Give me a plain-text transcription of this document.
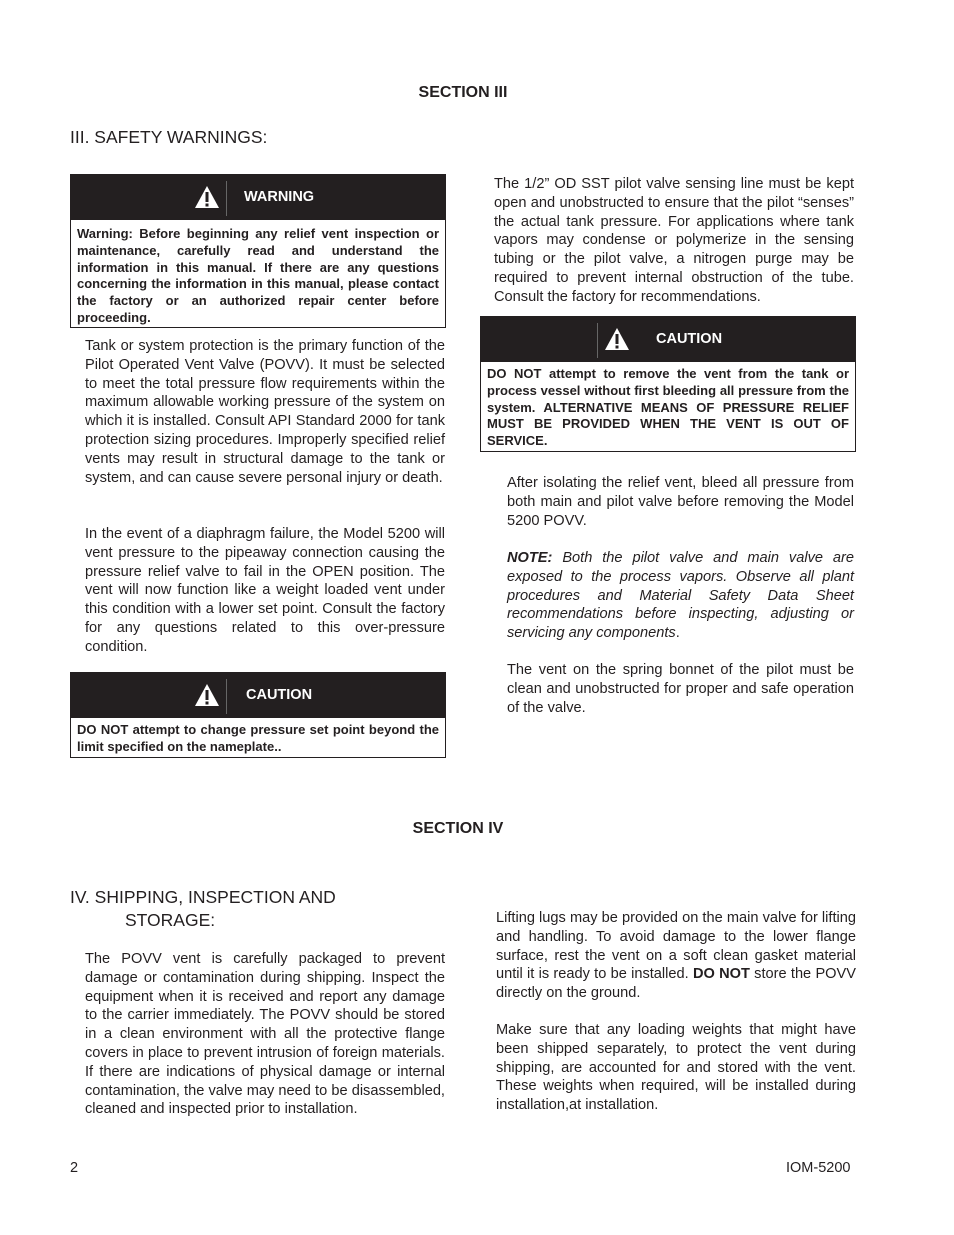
SECTION III
III. SAFETY WARNINGS:
WARNING
Warning: Before beginning any relief vent inspection or maintenance, carefully read and understand the information in this manual. If there are any questions concerning the information in this manual, please contact the factory or an authorized repair center before proceeding.
Tank or system protection is the primary function of the Pilot Operated Vent Valve (POVV). It must be selected to meet the total pressure flow requirements within the maximum allowable working pressure of the system on which it is installed. Consult API Standard 2000 for tank protection sizing procedures. Improperly specified relief vents may result in structural damage to the tank or system, and can cause severe personal injury or death.
In the event of a diaphragm failure, the Model 5200 will vent pressure to the pipeaway connection causing the pressure relief valve to fail in the OPEN position. The vent will now function like a weight loaded vent under this condition with a lower set point. Consult the factory for any questions related to this over-pressure condition.
CAUTION
DO NOT attempt to change pressure set point beyond the limit specified on the nameplate..
The 1/2” OD SST pilot valve sensing line must be kept open and unobstructed to ensure that the pilot “senses” the actual tank pressure. For applications where tank vapors may condense or polymerize in the sensing tubing or the pilot valve, a nitrogen purge may be required to prevent internal obstruction of the tube. Consult the factory for recommendations.
CAUTION
DO NOT attempt to remove the vent from the tank or process vessel without first bleeding all pressure from the system. ALTERNATIVE MEANS OF PRESSURE RELIEF MUST BE PROVIDED WHEN THE VENT IS OUT OF SERVICE.
After isolating the relief vent, bleed all pressure from both main and pilot valve before removing the Model 5200 POVV.
NOTE: Both the pilot valve and main valve are exposed to the process vapors. Observe all plant procedures and Material Safety Data Sheet recommendations before inspecting, adjusting or servicing any components.
The vent on the spring bonnet of the pilot must be clean and unobstructed for proper and safe operation of the valve.
SECTION IV
IV. SHIPPING, INSPECTION AND
STORAGE:
The POVV vent is carefully packaged to prevent damage or contamination during shipping. Inspect the equipment when it is received and report any damage to the carrier immediately. The POVV should be stored in a clean environment with all the protective flange covers in place to prevent intrusion of foreign materials. If there are indications of physical damage or internal contamination, the valve may need to be disassembled, cleaned and inspected prior to installation.
Lifting lugs may be provided on the main valve for lifting and handling. To avoid damage to the lower flange surface, rest the vent on a soft clean gasket material until it is ready to be installed. DO NOT store the POVV directly on the ground.
Make sure that any loading weights that might have been shipped separately, to protect the vent during shipping, are accounted for and stored with the vent. These weights when required, will be installed during installation,at installation.
2	IOM-5200
